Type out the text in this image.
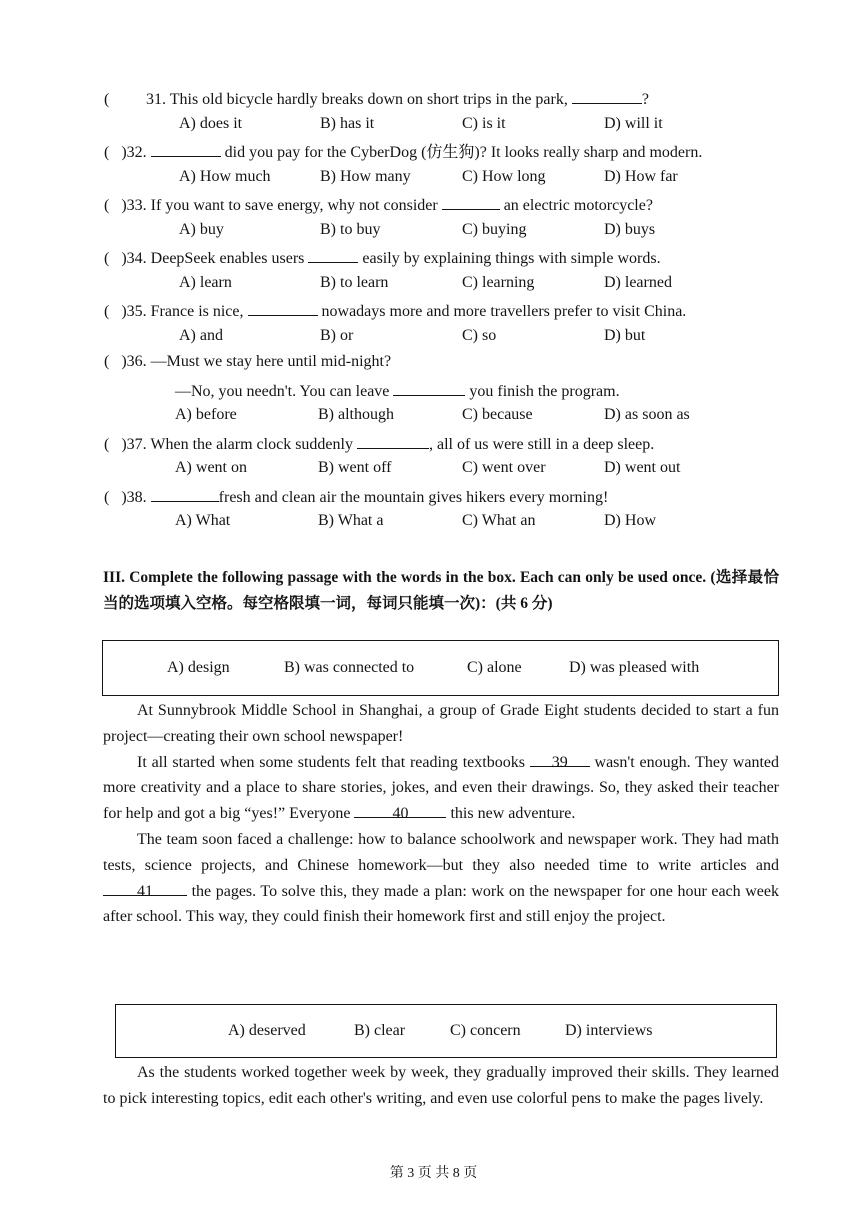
( 31. This old bicycle hardly breaks down on short trips in the park,	?
A) does it	B) has it	C) is it	D) will it
(   )32.	did you pay for the CyberDog (仿生狗)? It looks really sharp and modern.
A) How much	B) How many	C) How long	D) How far
(   )33. If you want to save energy, why not consider	an electric motorcycle?
A) buy	B) to buy	C) buying	D) buys
(   )34. DeepSeek enables users	easily by explaining things with simple words.
A) learn	B) to learn	C) learning	D) learned
(   )35. France is nice,	nowadays more and more travellers prefer to visit China.
A) and	B) or	C) so	D) but
(   )36. —Must we stay here until mid-night?
—No, you needn't. You can leave	you finish the program.
A) before	B) although	C) because	D) as soon as
(   )37. When the alarm clock suddenly	, all of us were still in a deep sleep.
A) went on	B) went off	C) went over	D) went out
(   )38.	fresh and clean air the mountain gives hikers every morning!
A) What	B) What a	C) What an	D) How
III. Complete the following passage with the words in the box. Each can only be used once. (选择最恰当的选项填入空格。每空格限填一词，每词只能填一次)：(共 6 分)
A) design	B) was connected to	C) alone	D) was pleased with

At Sunnybrook Middle School in Shanghai, a group of Grade Eight students decided to start a fun project—creating their own school newspaper!

It all started when some students felt that reading textbooks 39 wasn't enough. They wanted more creativity and a place to share stories, jokes, and even their drawings. So, they asked their teacher for help and got a big “yes!” Everyone 40 this new adventure.

The team soon faced a challenge: how to balance schoolwork and newspaper work. They had math tests, science projects, and Chinese homework—but they also needed time to write articles and 41 the pages. To solve this, they made a plan: work on the newspaper for one hour each week after school. This way, they could finish their homework first and still enjoy the project.

A) deserved	B) clear	C) concern	D) interviews

As the students worked together week by week, they gradually improved their skills. They learned to pick interesting topics, edit each other's writing, and even use colorful pens to make the pages lively.

第 3 页 共 8 页
